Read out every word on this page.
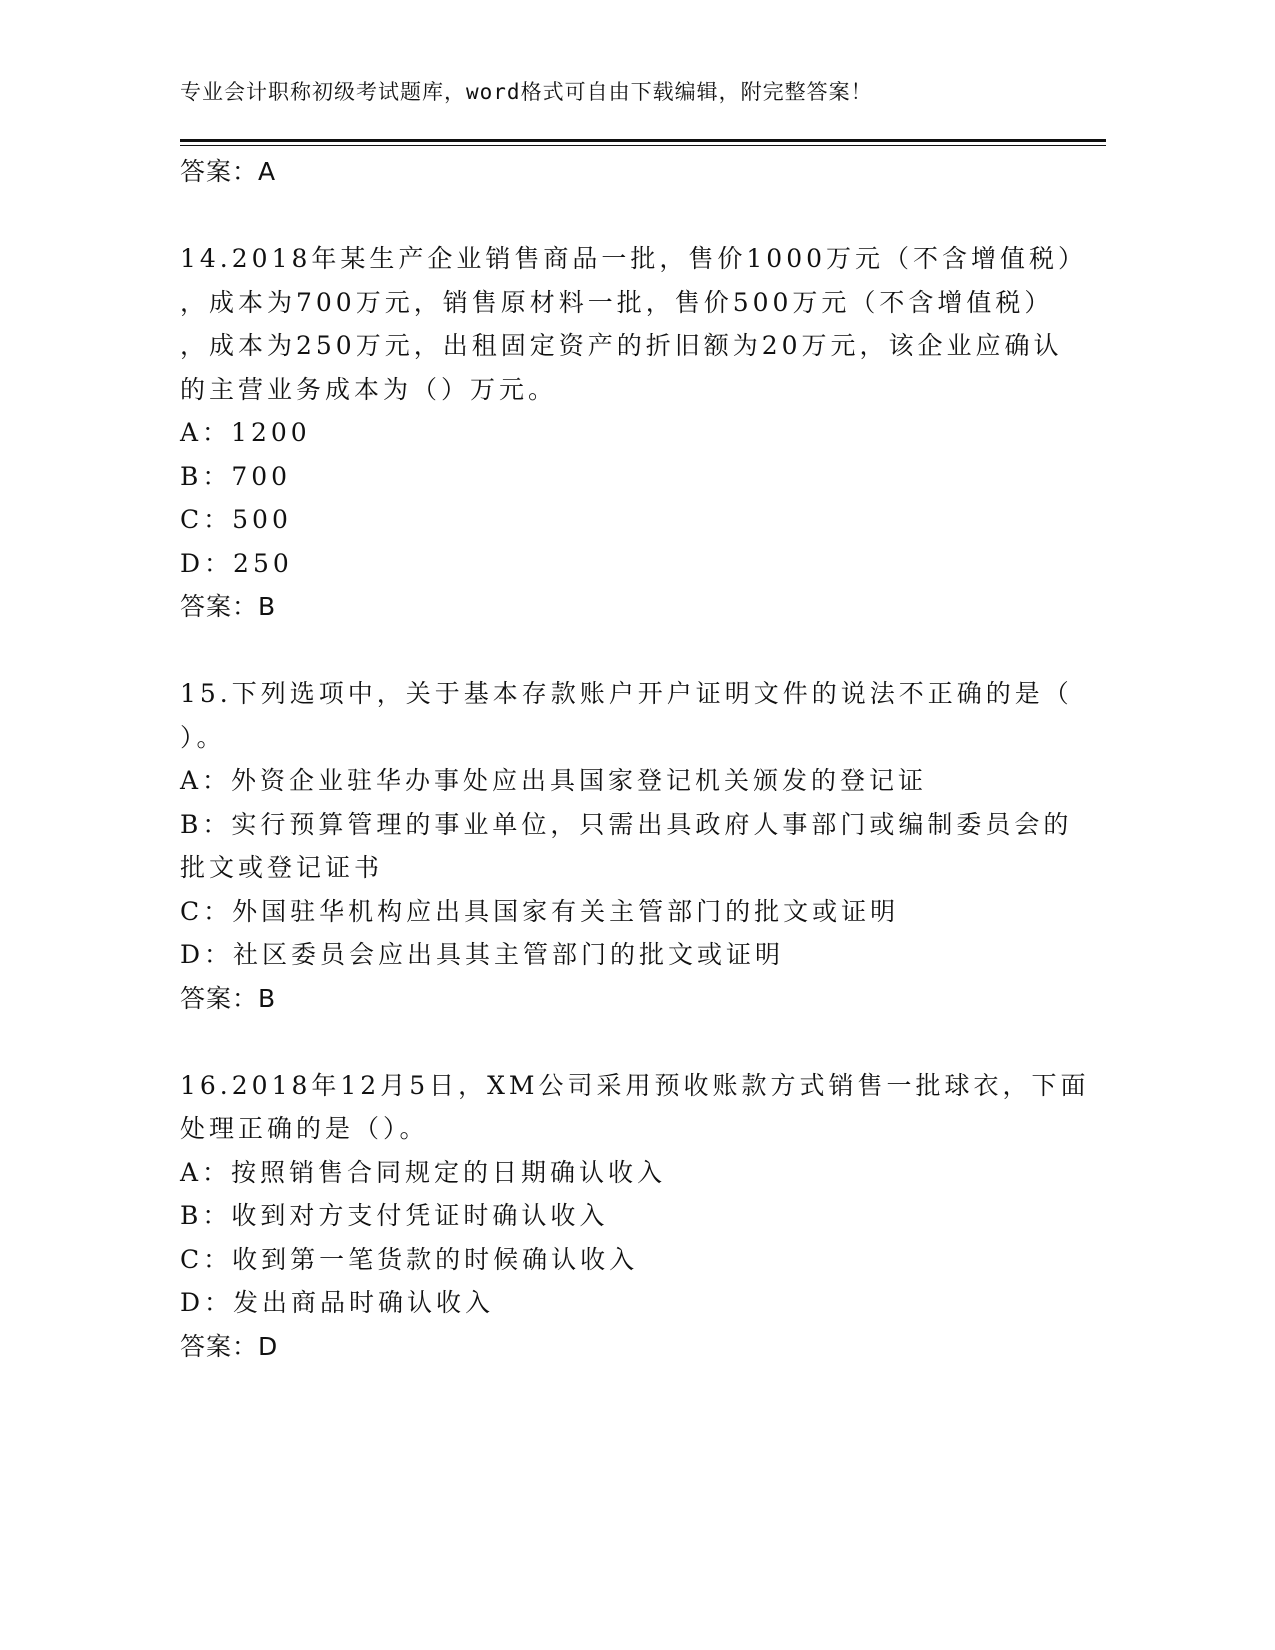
专业会计职称初级考试题库，word格式可自由下载编辑，附完整答案！
答案：A
14.2018年某生产企业销售商品一批，售价1000万元（不含增值税）
，成本为700万元，销售原材料一批，售价500万元（不含增值税）
，成本为250万元，出租固定资产的折旧额为20万元，该企业应确认
的主营业务成本为（）万元。
A：1200
B：700
C：500
D：250
答案：B
15.下列选项中，关于基本存款账户开户证明文件的说法不正确的是（
）。
A：外资企业驻华办事处应出具国家登记机关颁发的登记证
B：实行预算管理的事业单位，只需出具政府人事部门或编制委员会的
批文或登记证书
C：外国驻华机构应出具国家有关主管部门的批文或证明
D：社区委员会应出具其主管部门的批文或证明
答案：B
16.2018年12月5日，XM公司采用预收账款方式销售一批球衣，下面
处理正确的是（）。
A：按照销售合同规定的日期确认收入
B：收到对方支付凭证时确认收入
C：收到第一笔货款的时候确认收入
D：发出商品时确认收入
答案：D
